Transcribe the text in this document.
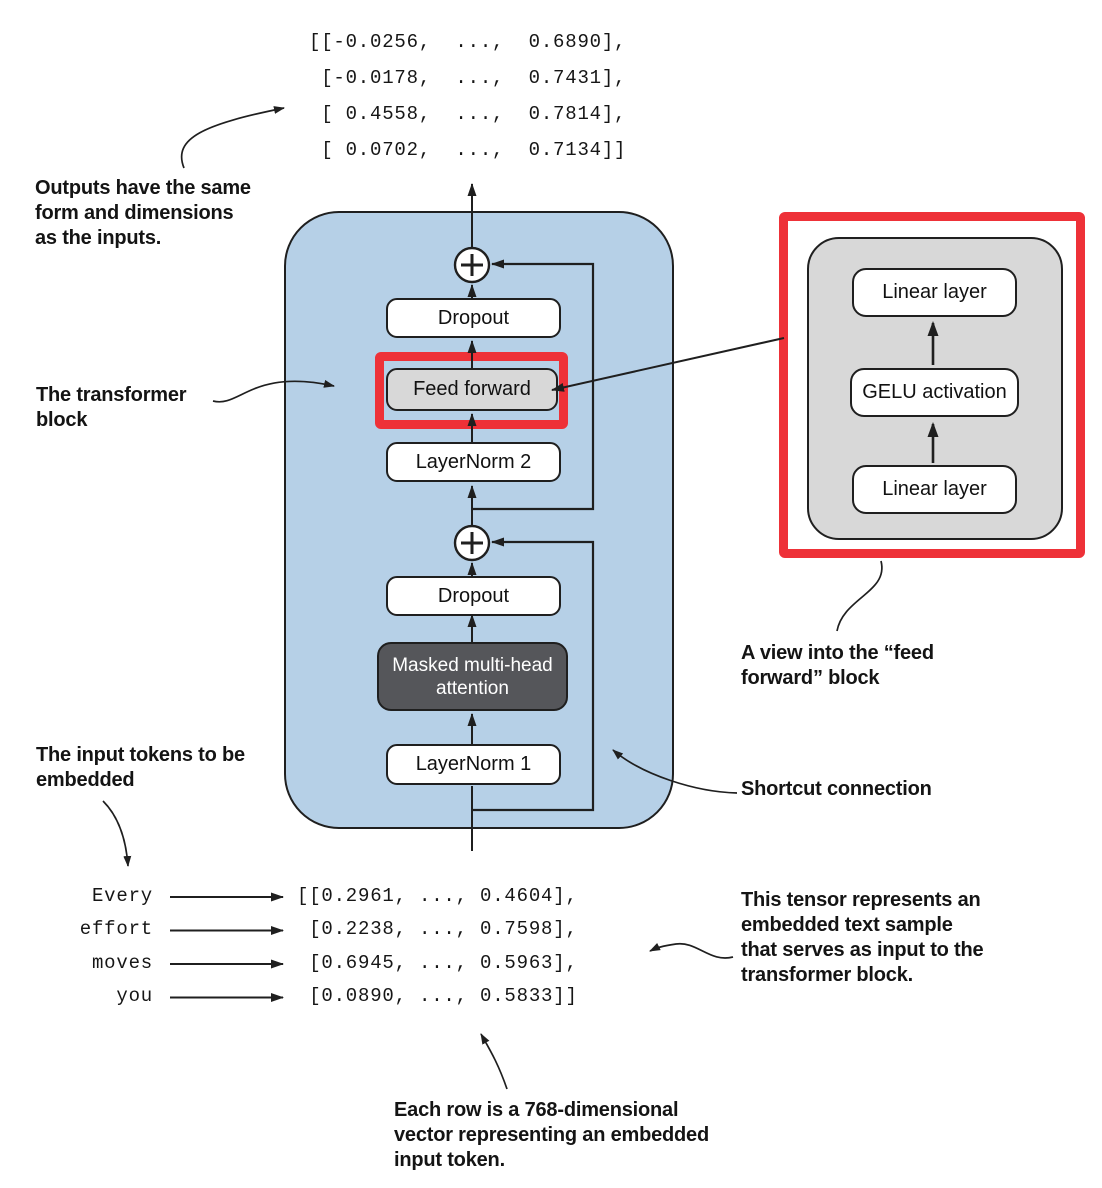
[[-0.0256,  ...,  0.6890],
[-0.0178,  ...,  0.7431],
[ 0.4558,  ...,  0.7814],
[ 0.0702,  ...,  0.7134]]
Outputs have the same
form and dimensions
as the inputs.
The transformer
block
The input tokens to be
embedded
A view into the “feed
forward” block
Shortcut connection
This tensor represents an
embedded text sample
that serves as input to the
transformer block.
Each row is a 768-dimensional
vector representing an embedded
input token.
Dropout
Feed forward
LayerNorm 2
Dropout
Masked multi-head
attention
LayerNorm 1
Linear layer
GELU activation
Linear layer
Every
effort
moves
you
[[0.2961, ..., 0.4604],
[0.2238, ..., 0.7598],
[0.6945, ..., 0.5963],
[0.0890, ..., 0.5833]]
